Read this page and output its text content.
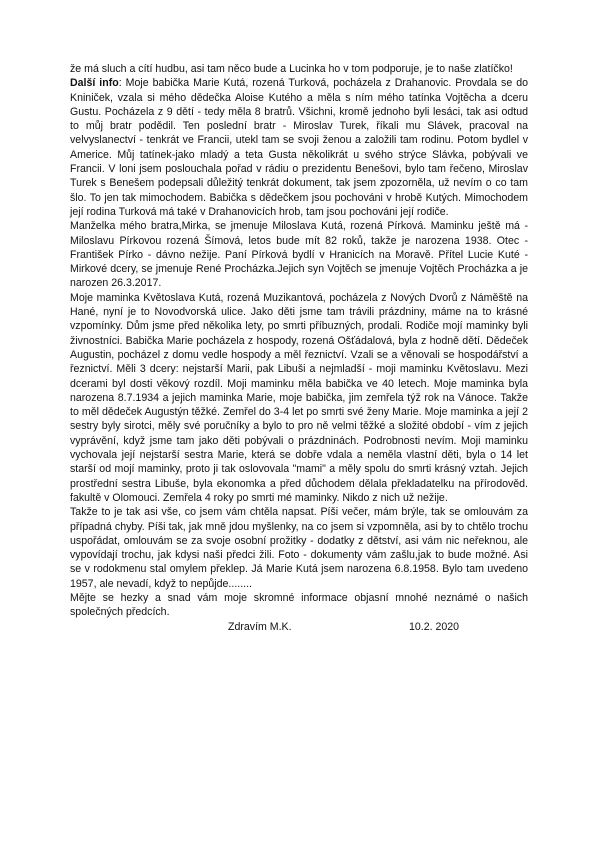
že má sluch a cítí hudbu, asi tam něco bude a Lucinka ho v tom podporuje, je to naše zlatíčko!

Další info: Moje babička Marie Kutá, rozená Turková, pocházela z Drahanovic. Provdala se do Kniniček, vzala si mého dědečka Aloise Kutého a měla s ním mého tatínka Vojtěcha a dceru Gustu. Pocházela z 9 dětí - tedy měla 8 bratrů. Všichni, kromě jednoho byli lesáci, tak asi odtud to můj bratr podědil. Ten poslední bratr - Miroslav Turek, říkali mu Slávek, pracoval na velvyslanectví - tenkrát ve Francii, utekl tam se svoji ženou a založili tam rodinu. Potom bydlel v Americe. Můj tatínek-jako mladý a teta Gusta několikrát u svého strýce Slávka, pobývali ve Francii. V loni jsem poslouchala pořad v rádiu o prezidentu Benešovi, bylo tam řečeno, Miroslav Turek s Benešem podepsali důležitý tenkrát dokument, tak jsem zpozorněla, už nevím o co tam šlo. To jen tak mimochodem. Babička s dědečkem jsou pochováni v hrobě Kutých. Mimochodem její rodina Turková má také v Drahanovicích hrob, tam jsou pochováni její rodiče.

Manželka mého bratra,Mirka, se jmenuje Miloslava Kutá, rozená Pírková. Maminku ještě má - Miloslavu Pírkovou rozená Šímová, letos bude mít 82 roků, takže je narozena 1938. Otec - František Pírko - dávno nežije. Paní Pírková bydlí v Hranicích na Moravě. Přítel Lucie Kuté - Mirkové dcery, se jmenuje René Procházka.Jejich syn Vojtěch se jmenuje Vojtěch Procházka a je narozen 26.3.2017.

Moje maminka Květoslava Kutá, rozená Muzikantová, pocházela z Nových Dvorů z Náměště na Hané, nyní je to Novodvorská ulice. Jako děti jsme tam trávili prázdniny, máme na to krásné vzpomínky. Dům jsme před několika lety, po smrti příbuzných, prodali. Rodiče mojí maminky byli živnostníci. Babička Marie pocházela z hospody, rozená Ošťádalová, byla z hodně dětí. Dědeček Augustin, pocházel z domu vedle hospody a měl řeznictví. Vzali se a věnovali se hospodářství a řeznictví. Měli 3 dcery: nejstarší Marii, pak Libuši a nejmladší - moji maminku Květoslavu. Mezi dcerami byl dosti věkový rozdíl. Moji maminku měla babička ve 40 letech. Moje maminka byla narozena 8.7.1934 a jejich maminka Marie, moje babička, jim zemřela týž rok na Vánoce. Takže to měl dědeček Augustýn těžké. Zemřel do 3-4 let po smrti své ženy Marie. Moje maminka a její 2 sestry byly sirotci, měly své poručníky a bylo to pro ně velmi těžké a složité období - vím z jejich vyprávění, když jsme tam jako děti pobývali o prázdninách. Podrobnosti nevím. Moji maminku vychovala její nejstarší sestra Marie, která se dobře vdala a neměla vlastní děti, byla o 14 let starší od mojí maminky, proto ji tak oslovovala "mami" a měly spolu do smrti krásný vztah. Jejich prostřední sestra Libuše, byla ekonomka a před důchodem dělala překladatelku na přírodověd. fakultě v Olomouci. Zemřela 4 roky po smrti mé maminky. Nikdo z nich už nežije.

Takže to je tak asi vše, co jsem vám chtěla napsat. Píši večer, mám brýle, tak se omlouvám za případná chyby. Píši tak, jak mně jdou myšlenky, na co jsem si vzpomněla, asi by to chtělo trochu uspořádat, omlouvám se za svoje osobní prožitky - dodatky z dětství, asi vám nic neřeknou, ale vypovídají trochu, jak kdysi naši předci žili. Foto - dokumenty vám zašlu,jak to bude možné. Asi se v rodokmenu stal omylem překlep. Já Marie Kutá jsem narozena 6.8.1958. Bylo tam uvedeno 1957, ale nevadí, když to nepůjde........

Mějte se hezky a snad vám moje skromné informace objasní mnohé neznámé o našich společných předcích.

Zdravím M.K.	10.2. 2020
